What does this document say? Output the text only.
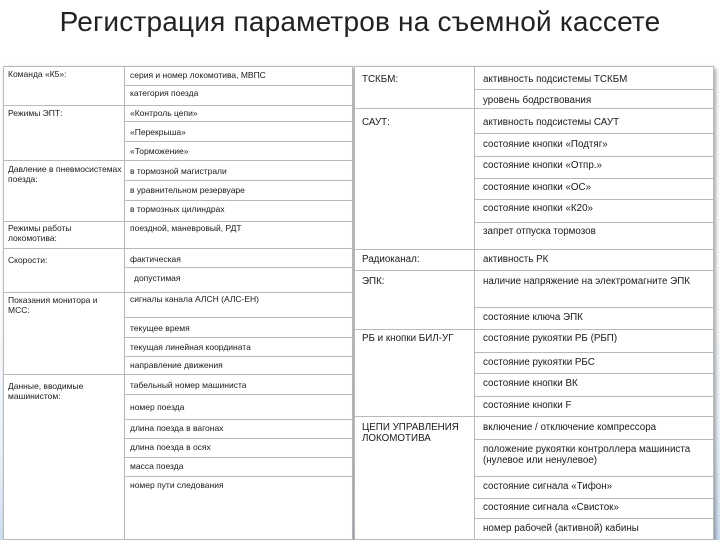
Регистрация параметров на съемной кассете
Команда «К5»:
Режимы ЭПТ:
Давление в пневмосистемах поезда:
Режимы работы локомотива:
Скорости:
Показания монитора и МСС:
Данные, вводимые машинистом:
серия и номер локомотива, МВПС
категория поезда
«Контроль цепи»
«Перекрыша»
«Торможение»
в тормозной магистрали
в уравнительном резервуаре
в тормозных цилиндрах
поездной, маневровый, РДТ
фактическая
допустимая
сигналы канала АЛСН (АЛС-ЕН)
текущее время
текущая линейная координата
направление движения
табельный номер машиниста
номер поезда
длина поезда в вагонах
длина поезда в осях
масса поезда
номер пути следования
ТСКБМ:
САУТ:
Радиоканал:
ЭПК:
РБ и кнопки БИЛ-УГ
ЦЕПИ УПРАВЛЕНИЯ ЛОКОМОТИВА
активность подсистемы ТСКБМ
уровень бодрствования
активность подсистемы САУТ
состояние кнопки «Подтяг»
состояние кнопки «Отпр.»
состояние кнопки «ОС»
состояние кнопки «К20»
запрет отпуска тормозов
активность РК
наличие напряжение на электромагните ЭПК
состояние ключа ЭПК
состояние рукоятки РБ (РБП)
состояние рукоятки РБС
состояние кнопки ВК
состояние кнопки F
включение / отключение компрессора
положение рукоятки контроллера машиниста (нулевое или ненулевое)
состояние сигнала «Тифон»
состояние сигнала «Свисток»
номер рабочей (активной) кабины
